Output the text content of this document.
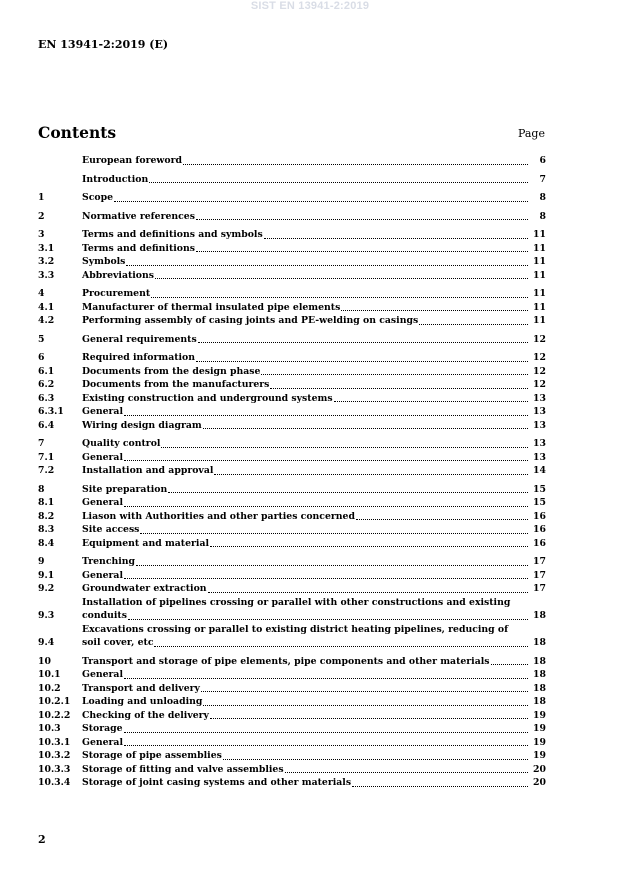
SIST EN 13941-2:2019
EN 13941-2:2019 (E)
Contents	Page
European foreword	6
Introduction	7
1	Scope	8
2	Normative references	8
3	Terms and definitions and symbols	11
3.1	Terms and definitions	11
3.2	Symbols	11
3.3	Abbreviations	11
4	Procurement	11
4.1	Manufacturer of thermal insulated pipe elements	11
4.2	Performing assembly of casing joints and PE-welding on casings	11
5	General requirements	12
6	Required information	12
6.1	Documents from the design phase	12
6.2	Documents from the manufacturers	12
6.3	Existing construction and underground systems	13
6.3.1	General	13
6.4	Wiring design diagram	13
7	Quality control	13
7.1	General	13
7.2	Installation and approval	14
8	Site preparation	15
8.1	General	15
8.2	Liason with Authorities and other parties concerned	16
8.3	Site access	16
8.4	Equipment and material	16
9	Trenching	17
9.1	General	17
9.2	Groundwater extraction	17
9.3
Installation of pipelines crossing or parallel with other constructions and existing
conduits	18
9.4
Excavations crossing or parallel to existing district heating pipelines, reducing of
soil cover, etc	18
10	Transport and storage of pipe elements, pipe components and other materials	18
10.1	General	18
10.2	Transport and delivery	18
10.2.1	Loading and unloading	18
10.2.2	Checking of the delivery	19
10.3	Storage	19
10.3.1	General	19
10.3.2	Storage of pipe assemblies	19
10.3.3	Storage of fitting and valve assemblies	20
10.3.4	Storage of joint casing systems and other materials	20
2
